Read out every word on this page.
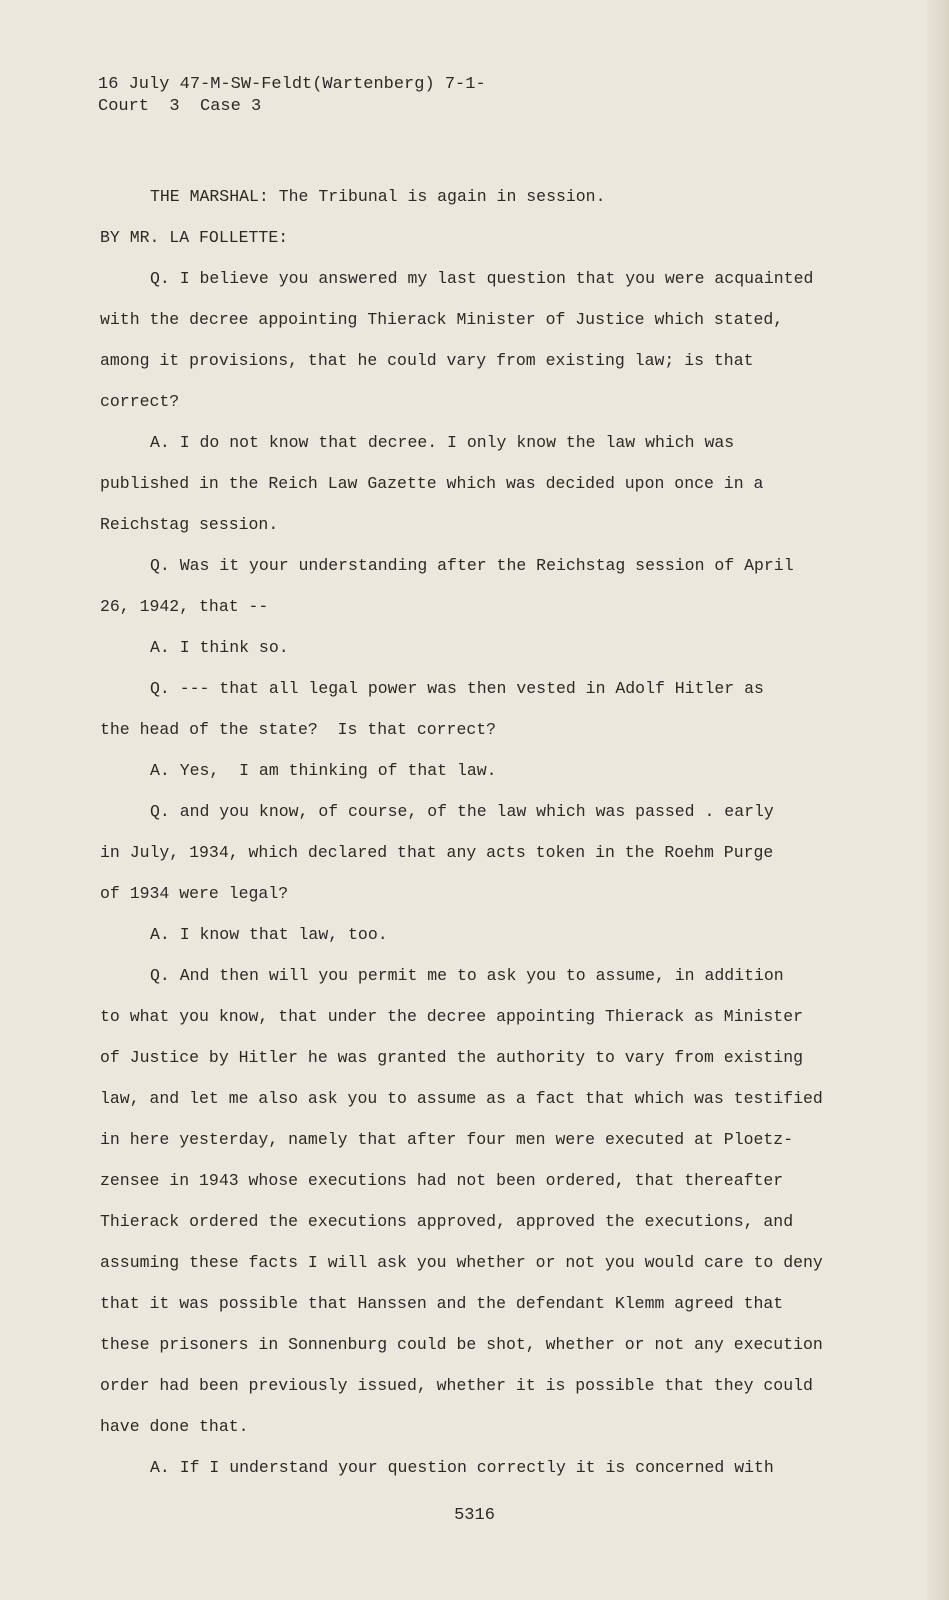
16 July 47-M-SW-Feldt(Wartenberg) 7-1-
Court  3  Case 3
THE MARSHAL: The Tribunal is again in session.
BY MR. LA FOLLETTE:
Q. I believe you answered my last question that you were acquainted
with the decree appointing Thierack Minister of Justice which stated,
among it provisions, that he could vary from existing law; is that
correct?
A. I do not know that decree. I only know the law which was
published in the Reich Law Gazette which was decided upon once in a
Reichstag session.
Q. Was it your understanding after the Reichstag session of April
26, 1942, that --
A. I think so.
Q. --- that all legal power was then vested in Adolf Hitler as
the head of the state?  Is that correct?
A. Yes,  I am thinking of that law.
Q. and you know, of course, of the law which was passed . early
in July, 1934, which declared that any acts token in the Roehm Purge
of 1934 were legal?
A. I know that law, too.
Q. And then will you permit me to ask you to assume, in addition
to what you know, that under the decree appointing Thierack as Minister
of Justice by Hitler he was granted the authority to vary from existing
law, and let me also ask you to assume as a fact that which was testified
in here yesterday, namely that after four men were executed at Ploetz-
zensee in 1943 whose executions had not been ordered, that thereafter
Thierack ordered the executions approved, approved the executions, and
assuming these facts I will ask you whether or not you would care to deny
that it was possible that Hanssen and the defendant Klemm agreed that
these prisoners in Sonnenburg could be shot, whether or not any execution
order had been previously issued, whether it is possible that they could
have done that.
A. If I understand your question correctly it is concerned with
5316
